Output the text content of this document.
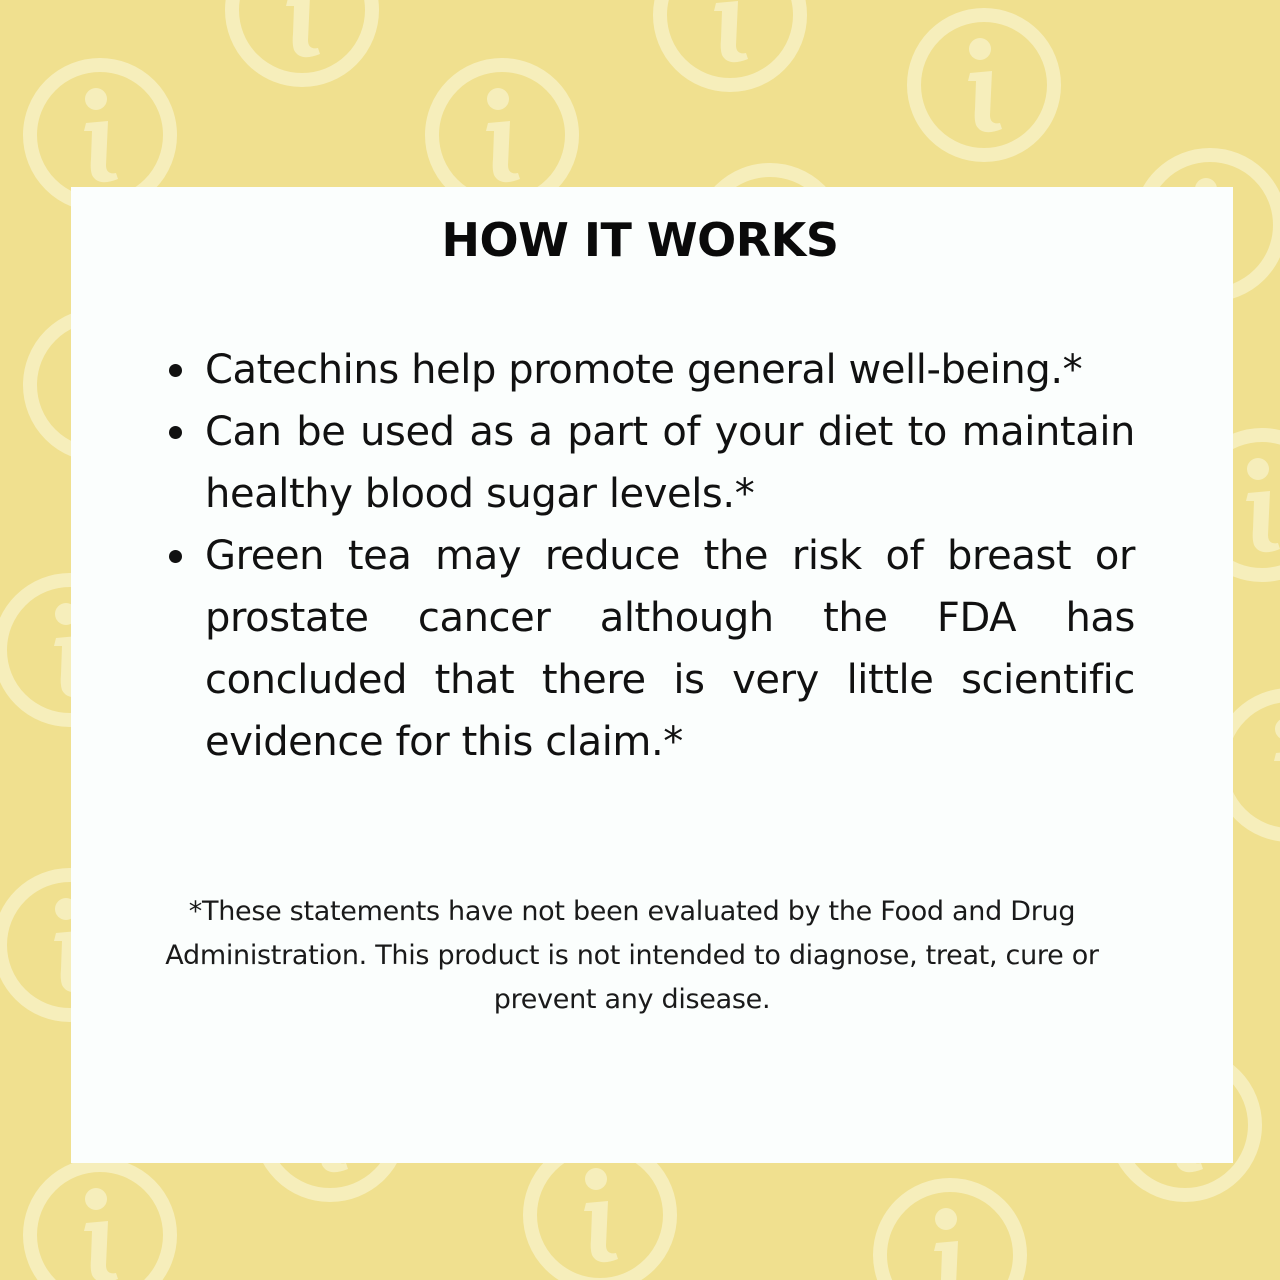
HOW IT WORKS
Catechins help promote general well-being.*
Can be used as a part of your diet to maintain healthy blood sugar levels.*
Green tea may reduce the risk of breast or prostate cancer although the FDA has concluded that there is very little scientific evidence for this claim.*

*These statements have not been evaluated by the Food and Drug Administration. This product is not intended to diagnose, treat, cure or prevent any disease.
